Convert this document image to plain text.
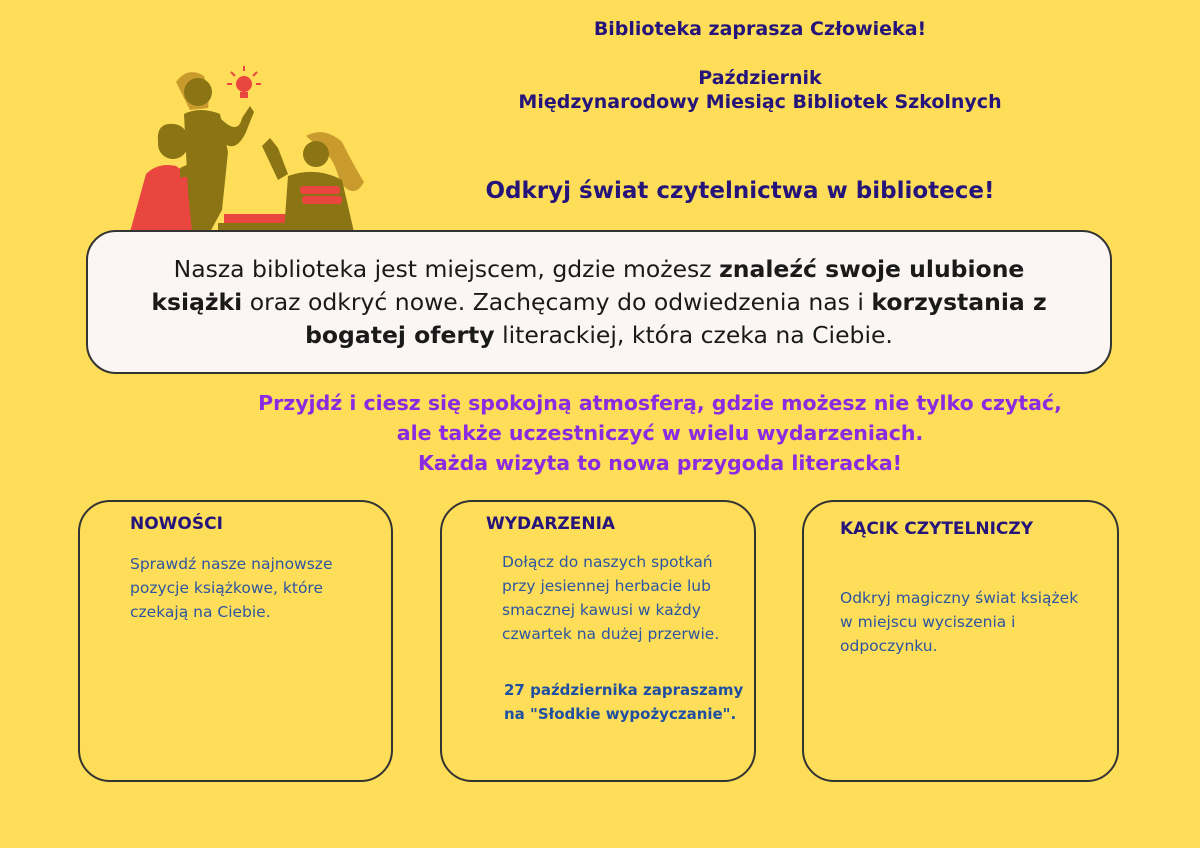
Biblioteka zaprasza Człowieka!
Październik
Międzynarodowy Miesiąc Bibliotek Szkolnych
Odkryj świat czytelnictwa w bibliotece!

Nasza biblioteka jest miejscem, gdzie możesz znaleźć swoje ulubione książki oraz odkryć nowe. Zachęcamy do odwiedzenia nas i korzystania z bogatej oferty literackiej, która czeka na Ciebie.

Przyjdź i ciesz się spokojną atmosferą, gdzie możesz nie tylko czytać,
ale także uczestniczyć w wielu wydarzeniach.
Każda wizyta to nowa przygoda literacka!

NOWOŚCI

Sprawdź nasze najnowsze pozycje książkowe, które czekają na Ciebie.

WYDARZENIA

Dołącz do naszych spotkań przy jesiennej herbacie lub smacznej kawusi w każdy czwartek na dużej przerwie.

27 października zapraszamy na "Słodkie wypożyczanie".

KĄCIK CZYTELNICZY

Odkryj magiczny świat książek w miejscu wyciszenia i odpoczynku.
